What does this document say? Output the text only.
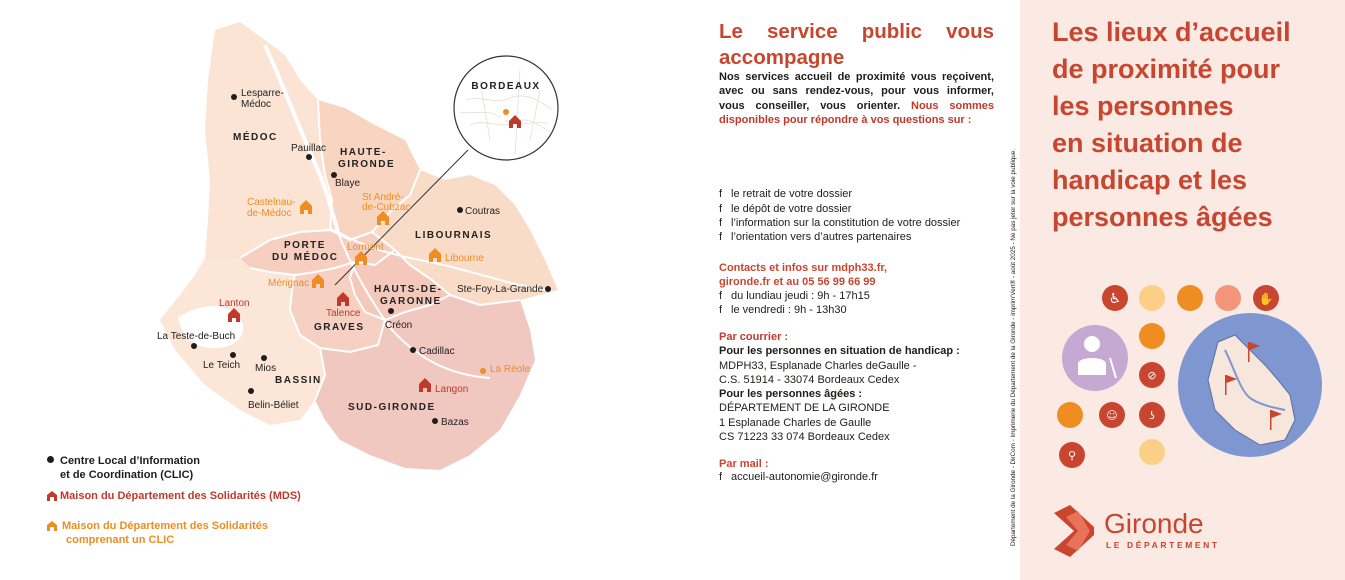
BORDEAUX
MÉDOC
HAUTE-
GIRONDE
PORTE
DU MÉDOC
LIBOURNAIS
HAUTS-DE-
GARONNE
GRAVES
BASSIN
SUD-GIRONDE
Lesparre-
Médoc
Pauillac
Blaye
Coutras
Ste-Foy-La-Grande
La Teste-de-Buch
Le Teich Mios
Belin-Béliet
Créon
Cadillac
Bazas
Lanton
Talence
Langon
Castelnau-
de-Médoc
St André-
de-Cubzac
Lormont
Libourne
Mérignac
La Réole
Centre Local d’Information
et de Coordination (CLIC)
Maison du Département des Solidarités (MDS)
Maison du Département des Solidarités
comprenant un CLIC
Le service public vous
accompagne
Nos services accueil de proximité vous reçoivent, avec ou sans rendez-vous, pour vous informer, vous conseiller, vous orienter. Nous sommes disponibles pour répondre à vos questions sur :
f le retrait de votre dossier
f le dépôt de votre dossier
f l’information sur la constitution de votre dossier
f l’orientation vers d’autres partenaires
Contacts et infos sur mdph33.fr,
gironde.fr et au 05 56 99 66 99
f du lundiau jeudi : 9h - 17h15
f le vendredi : 9h - 13h30
Par courrier :
Pour les personnes en situation de handicap :
MDPH33, Esplanade Charles deGaulle -
C.S. 51914 - 33074 Bordeaux Cedex
Pour les personnes âgées :
DÉPARTEMENT DE LA GIRONDE
1 Esplanade Charles de Gaulle
CS 71223 33 074 Bordeaux Cedex
Par mail :
f accueil-autonomie@gironde.fr	Département de la Gironde - DirCom - Imprimerie du Département de la Gironde - imprim'Vert® - août 2025 - Ne pas jeter sur la voie publique.
Les lieux d’accueil
de proximité pour
les personnes
en situation de
handicap et les
personnes âgées
♿	✋
⊘
☺	ʖ
⚲
Gironde
LE DÉPARTEMENT
